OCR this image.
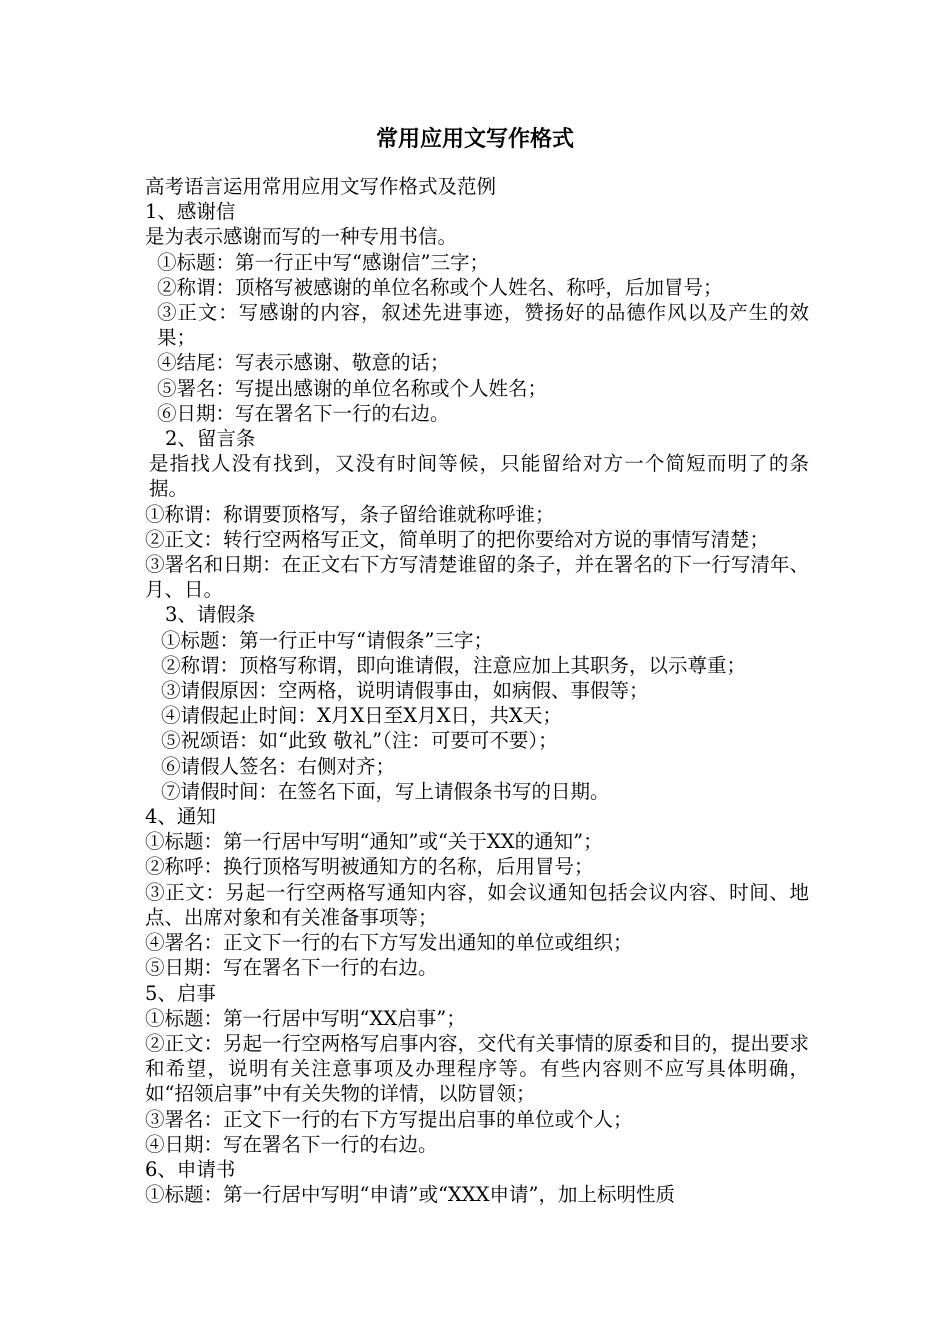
常用应用文写作格式

高考语言运用常用应用文写作格式及范例

1、感谢信

是为表示感谢而写的一种专用书信。

①标题：第一行正中写“感谢信”三字；

②称谓：顶格写被感谢的单位名称或个人姓名、称呼，后加冒号；

③正文：写感谢的内容，叙述先进事迹，赞扬好的品德作风以及产生的效果；

④结尾：写表示感谢、敬意的话；

⑤署名：写提出感谢的单位名称或个人姓名；

⑥日期：写在署名下一行的右边。

2、留言条

是指找人没有找到，又没有时间等候，只能留给对方一个简短而明了的条据。

①称谓：称谓要顶格写，条子留给谁就称呼谁；

②正文：转行空两格写正文，简单明了的把你要给对方说的事情写清楚；

③署名和日期：在正文右下方写清楚谁留的条子，并在署名的下一行写清年、月、日。

3、请假条

①标题：第一行正中写“请假条”三字；

②称谓：顶格写称谓，即向谁请假，注意应加上其职务，以示尊重；

③请假原因：空两格，说明请假事由，如病假、事假等；

④请假起止时间：X月X日至X月X日，共X天；

⑤祝颂语：如“此致 敬礼”（注：可要可不要）；

⑥请假人签名：右侧对齐；

⑦请假时间：在签名下面，写上请假条书写的日期。

4、通知

①标题：第一行居中写明“通知”或“关于XX的通知”；

②称呼：换行顶格写明被通知方的名称，后用冒号；

③正文：另起一行空两格写通知内容，如会议通知包括会议内容、时间、地点、出席对象和有关准备事项等；

④署名：正文下一行的右下方写发出通知的单位或组织；

⑤日期：写在署名下一行的右边。

5、启事

①标题：第一行居中写明“XX启事”；

②正文：另起一行空两格写启事内容，交代有关事情的原委和目的，提出要求和希望，说明有关注意事项及办理程序等。有些内容则不应写具体明确，如“招领启事”中有关失物的详情，以防冒领；

③署名：正文下一行的右下方写提出启事的单位或个人；

④日期：写在署名下一行的右边。

6、申请书

①标题：第一行居中写明“申请”或“XXX申请”，加上标明性质
